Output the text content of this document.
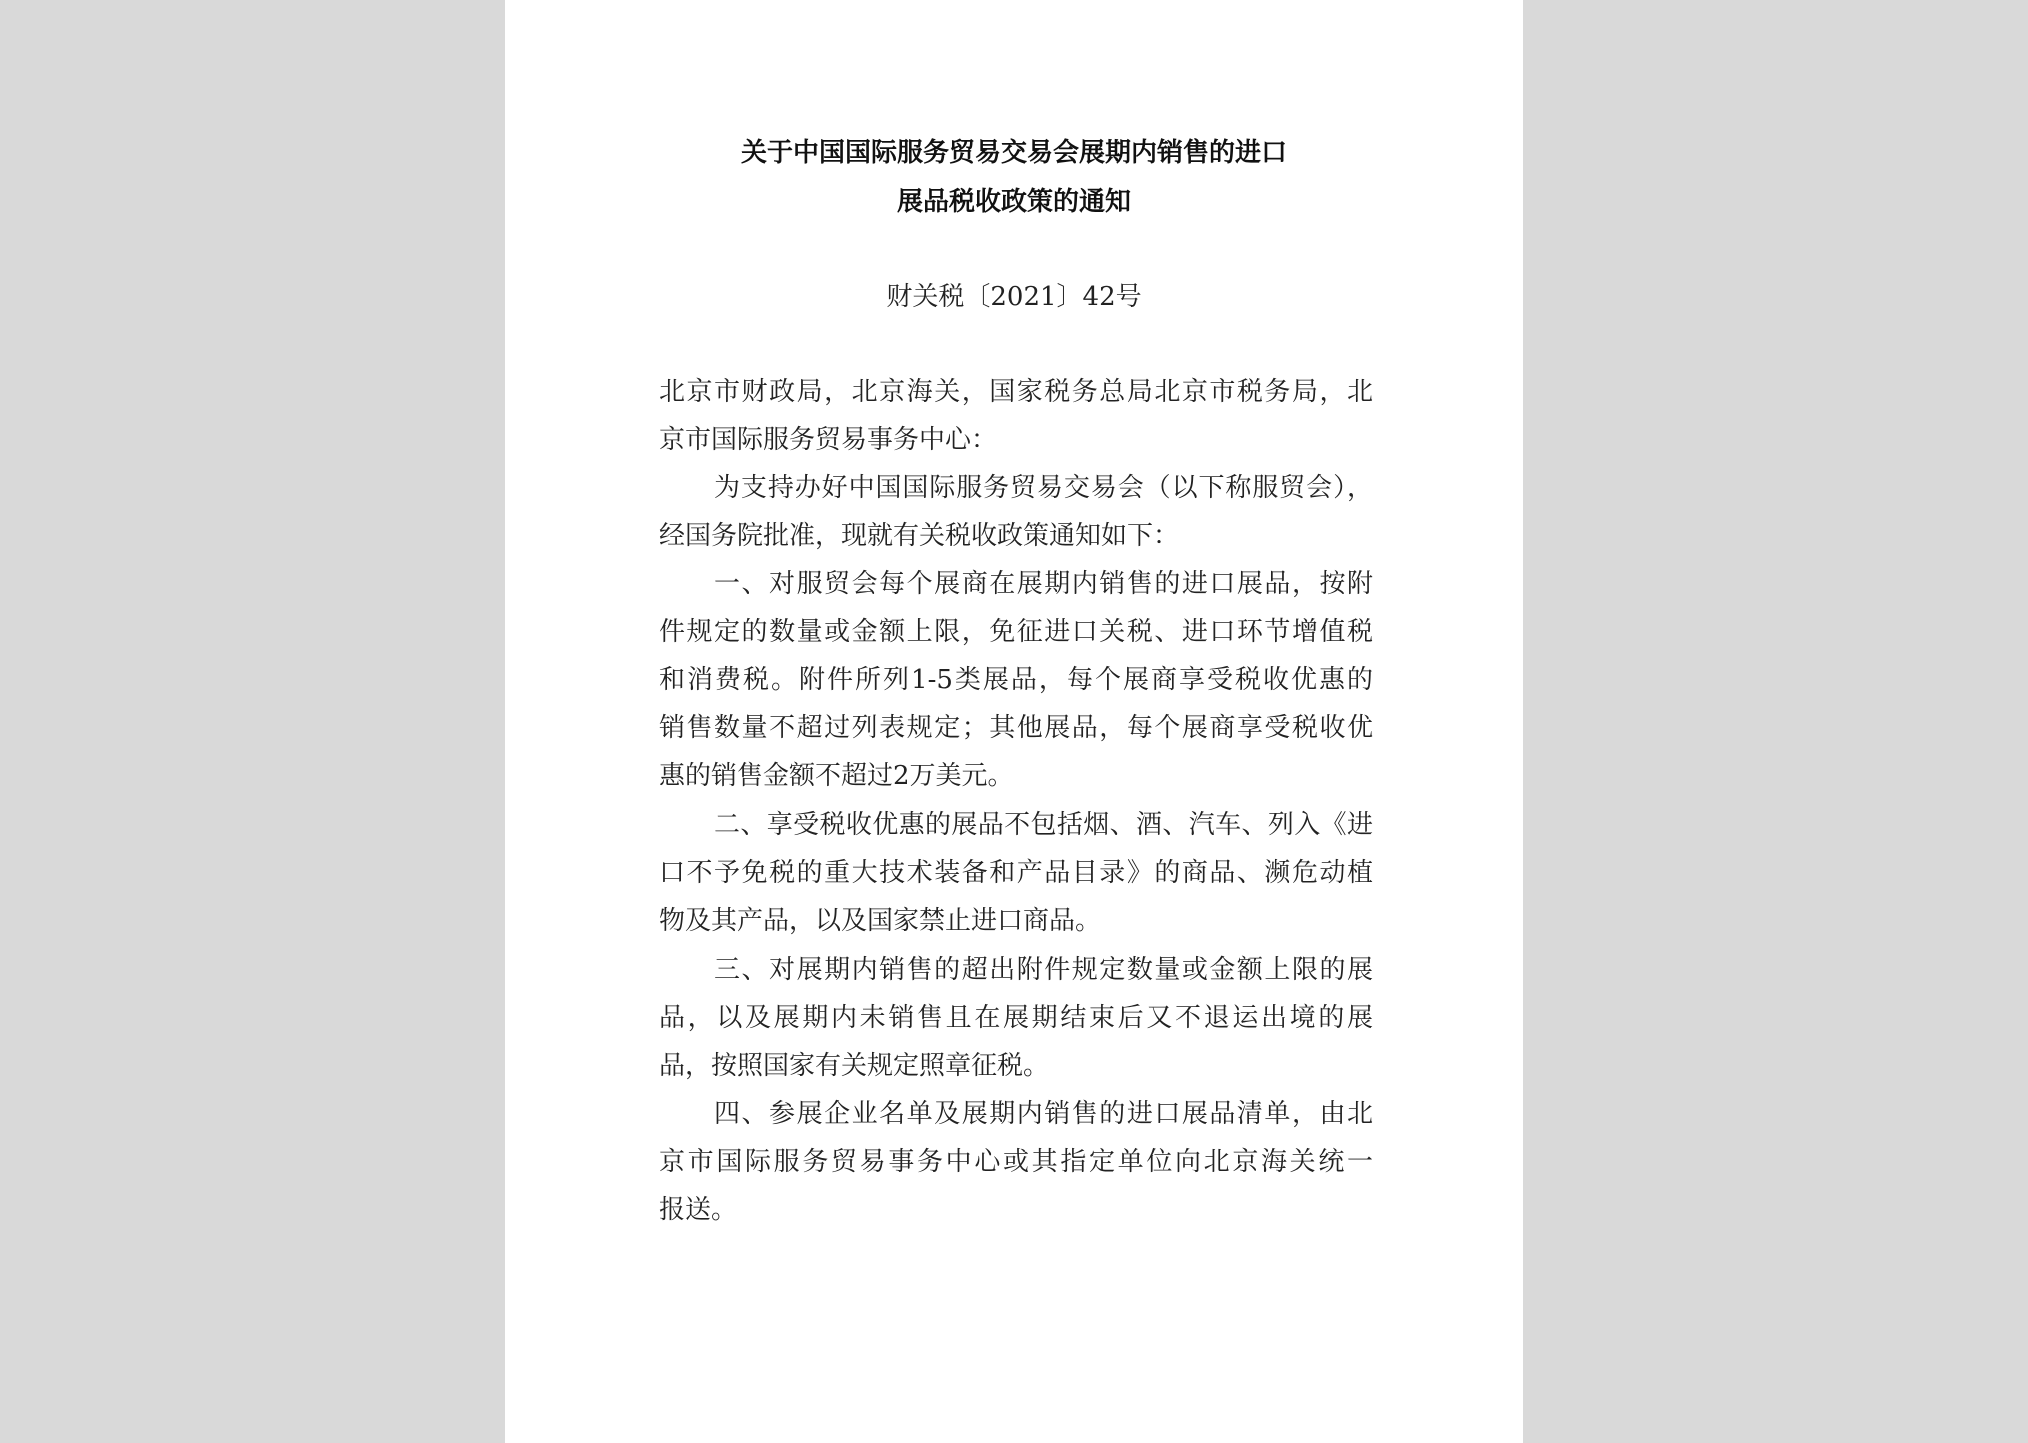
关于中国国际服务贸易交易会展期内销售的进口
展品税收政策的通知
财关税〔2021〕42号
北京市财政局，北京海关，国家税务总局北京市税务局，北
京市国际服务贸易事务中心：
为支持办好中国国际服务贸易交易会（以下称服贸会），
经国务院批准，现就有关税收政策通知如下：
一、对服贸会每个展商在展期内销售的进口展品，按附
件规定的数量或金额上限，免征进口关税、进口环节增值税
和消费税。附件所列1-5类展品，每个展商享受税收优惠的
销售数量不超过列表规定；其他展品，每个展商享受税收优
惠的销售金额不超过2万美元。
二、享受税收优惠的展品不包括烟、酒、汽车、列入《进
口不予免税的重大技术装备和产品目录》的商品、濒危动植
物及其产品，以及国家禁止进口商品。
三、对展期内销售的超出附件规定数量或金额上限的展
品，以及展期内未销售且在展期结束后又不退运出境的展
品，按照国家有关规定照章征税。
四、参展企业名单及展期内销售的进口展品清单，由北
京市国际服务贸易事务中心或其指定单位向北京海关统一
报送。
